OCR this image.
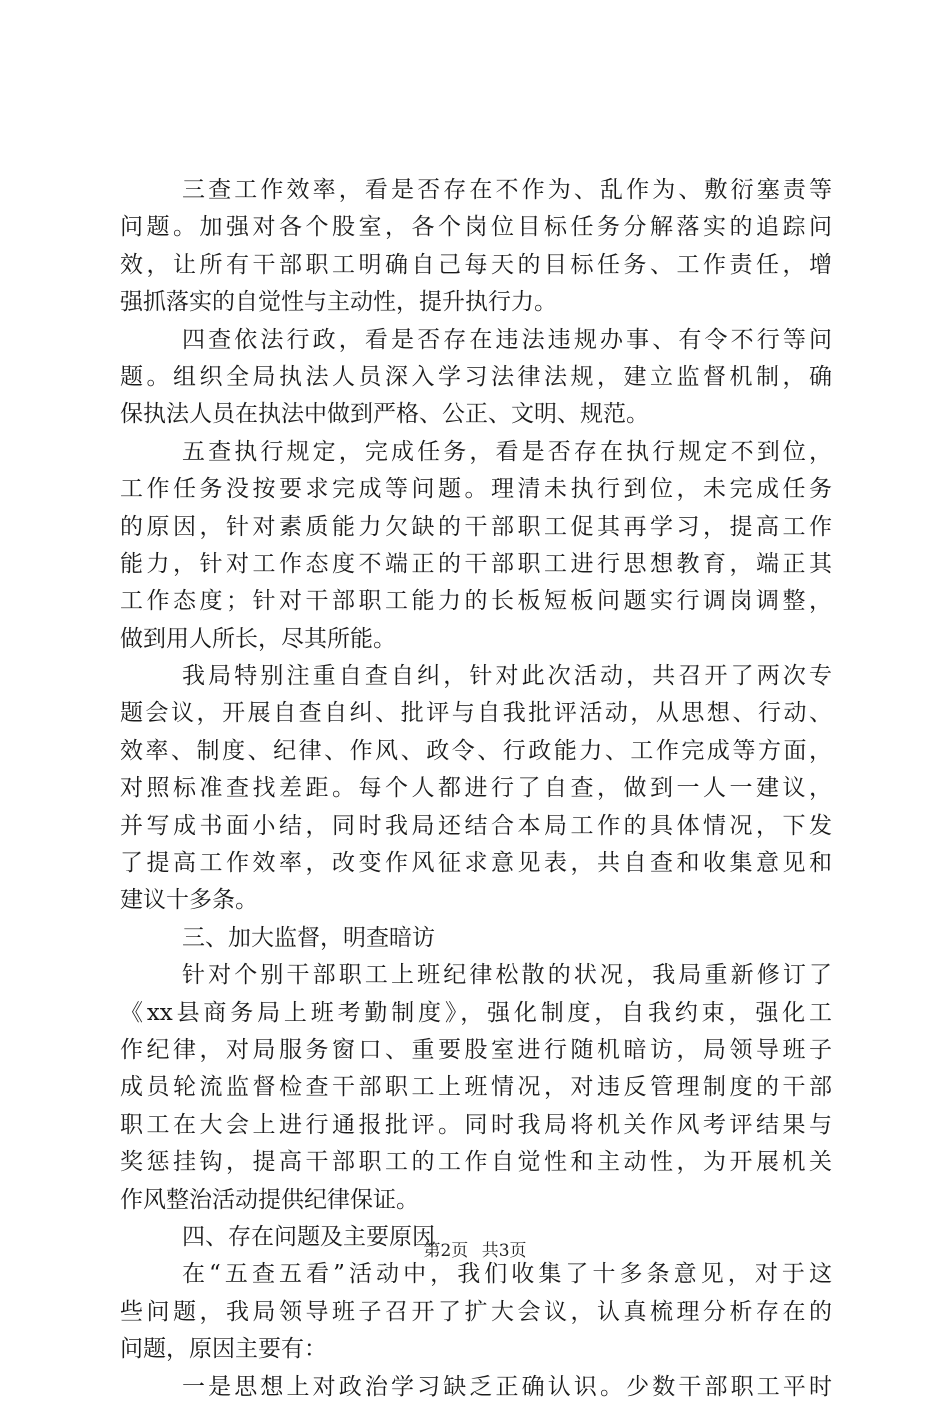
三查工作效率，看是否存在不作为、乱作为、敷衍塞责等
问题。加强对各个股室，各个岗位目标任务分解落实的追踪问
效，让所有干部职工明确自己每天的目标任务、工作责任，增
强抓落实的自觉性与主动性，提升执行力。
四查依法行政，看是否存在违法违规办事、有令不行等问
题。组织全局执法人员深入学习法律法规，建立监督机制，确
保执法人员在执法中做到严格、公正、文明、规范。
五查执行规定，完成任务，看是否存在执行规定不到位，
工作任务没按要求完成等问题。理清未执行到位，未完成任务
的原因，针对素质能力欠缺的干部职工促其再学习，提高工作
能力，针对工作态度不端正的干部职工进行思想教育，端正其
工作态度；针对干部职工能力的长板短板问题实行调岗调整，
做到用人所长，尽其所能。
我局特别注重自查自纠，针对此次活动，共召开了两次专
题会议，开展自查自纠、批评与自我批评活动，从思想、行动、
效率、制度、纪律、作风、政令、行政能力、工作完成等方面，
对照标准查找差距。每个人都进行了自查，做到一人一建议，
并写成书面小结，同时我局还结合本局工作的具体情况，下发
了提高工作效率，改变作风征求意见表，共自查和收集意见和
建议十多条。
三、加大监督，明查暗访
针对个别干部职工上班纪律松散的状况，我局重新修订了
《xx县商务局上班考勤制度》，强化制度，自我约束，强化工
作纪律，对局服务窗口、重要股室进行随机暗访，局领导班子
成员轮流监督检查干部职工上班情况，对违反管理制度的干部
职工在大会上进行通报批评。同时我局将机关作风考评结果与
奖惩挂钩，提高干部职工的工作自觉性和主动性，为开展机关
作风整治活动提供纪律保证。
四、存在问题及主要原因
在“五查五看”活动中，我们收集了十多条意见，对于这
些问题，我局领导班子召开了扩大会议，认真梳理分析存在的
问题，原因主要有：
一是思想上对政治学习缺乏正确认识。少数干部职工平时
第2页 共3页
